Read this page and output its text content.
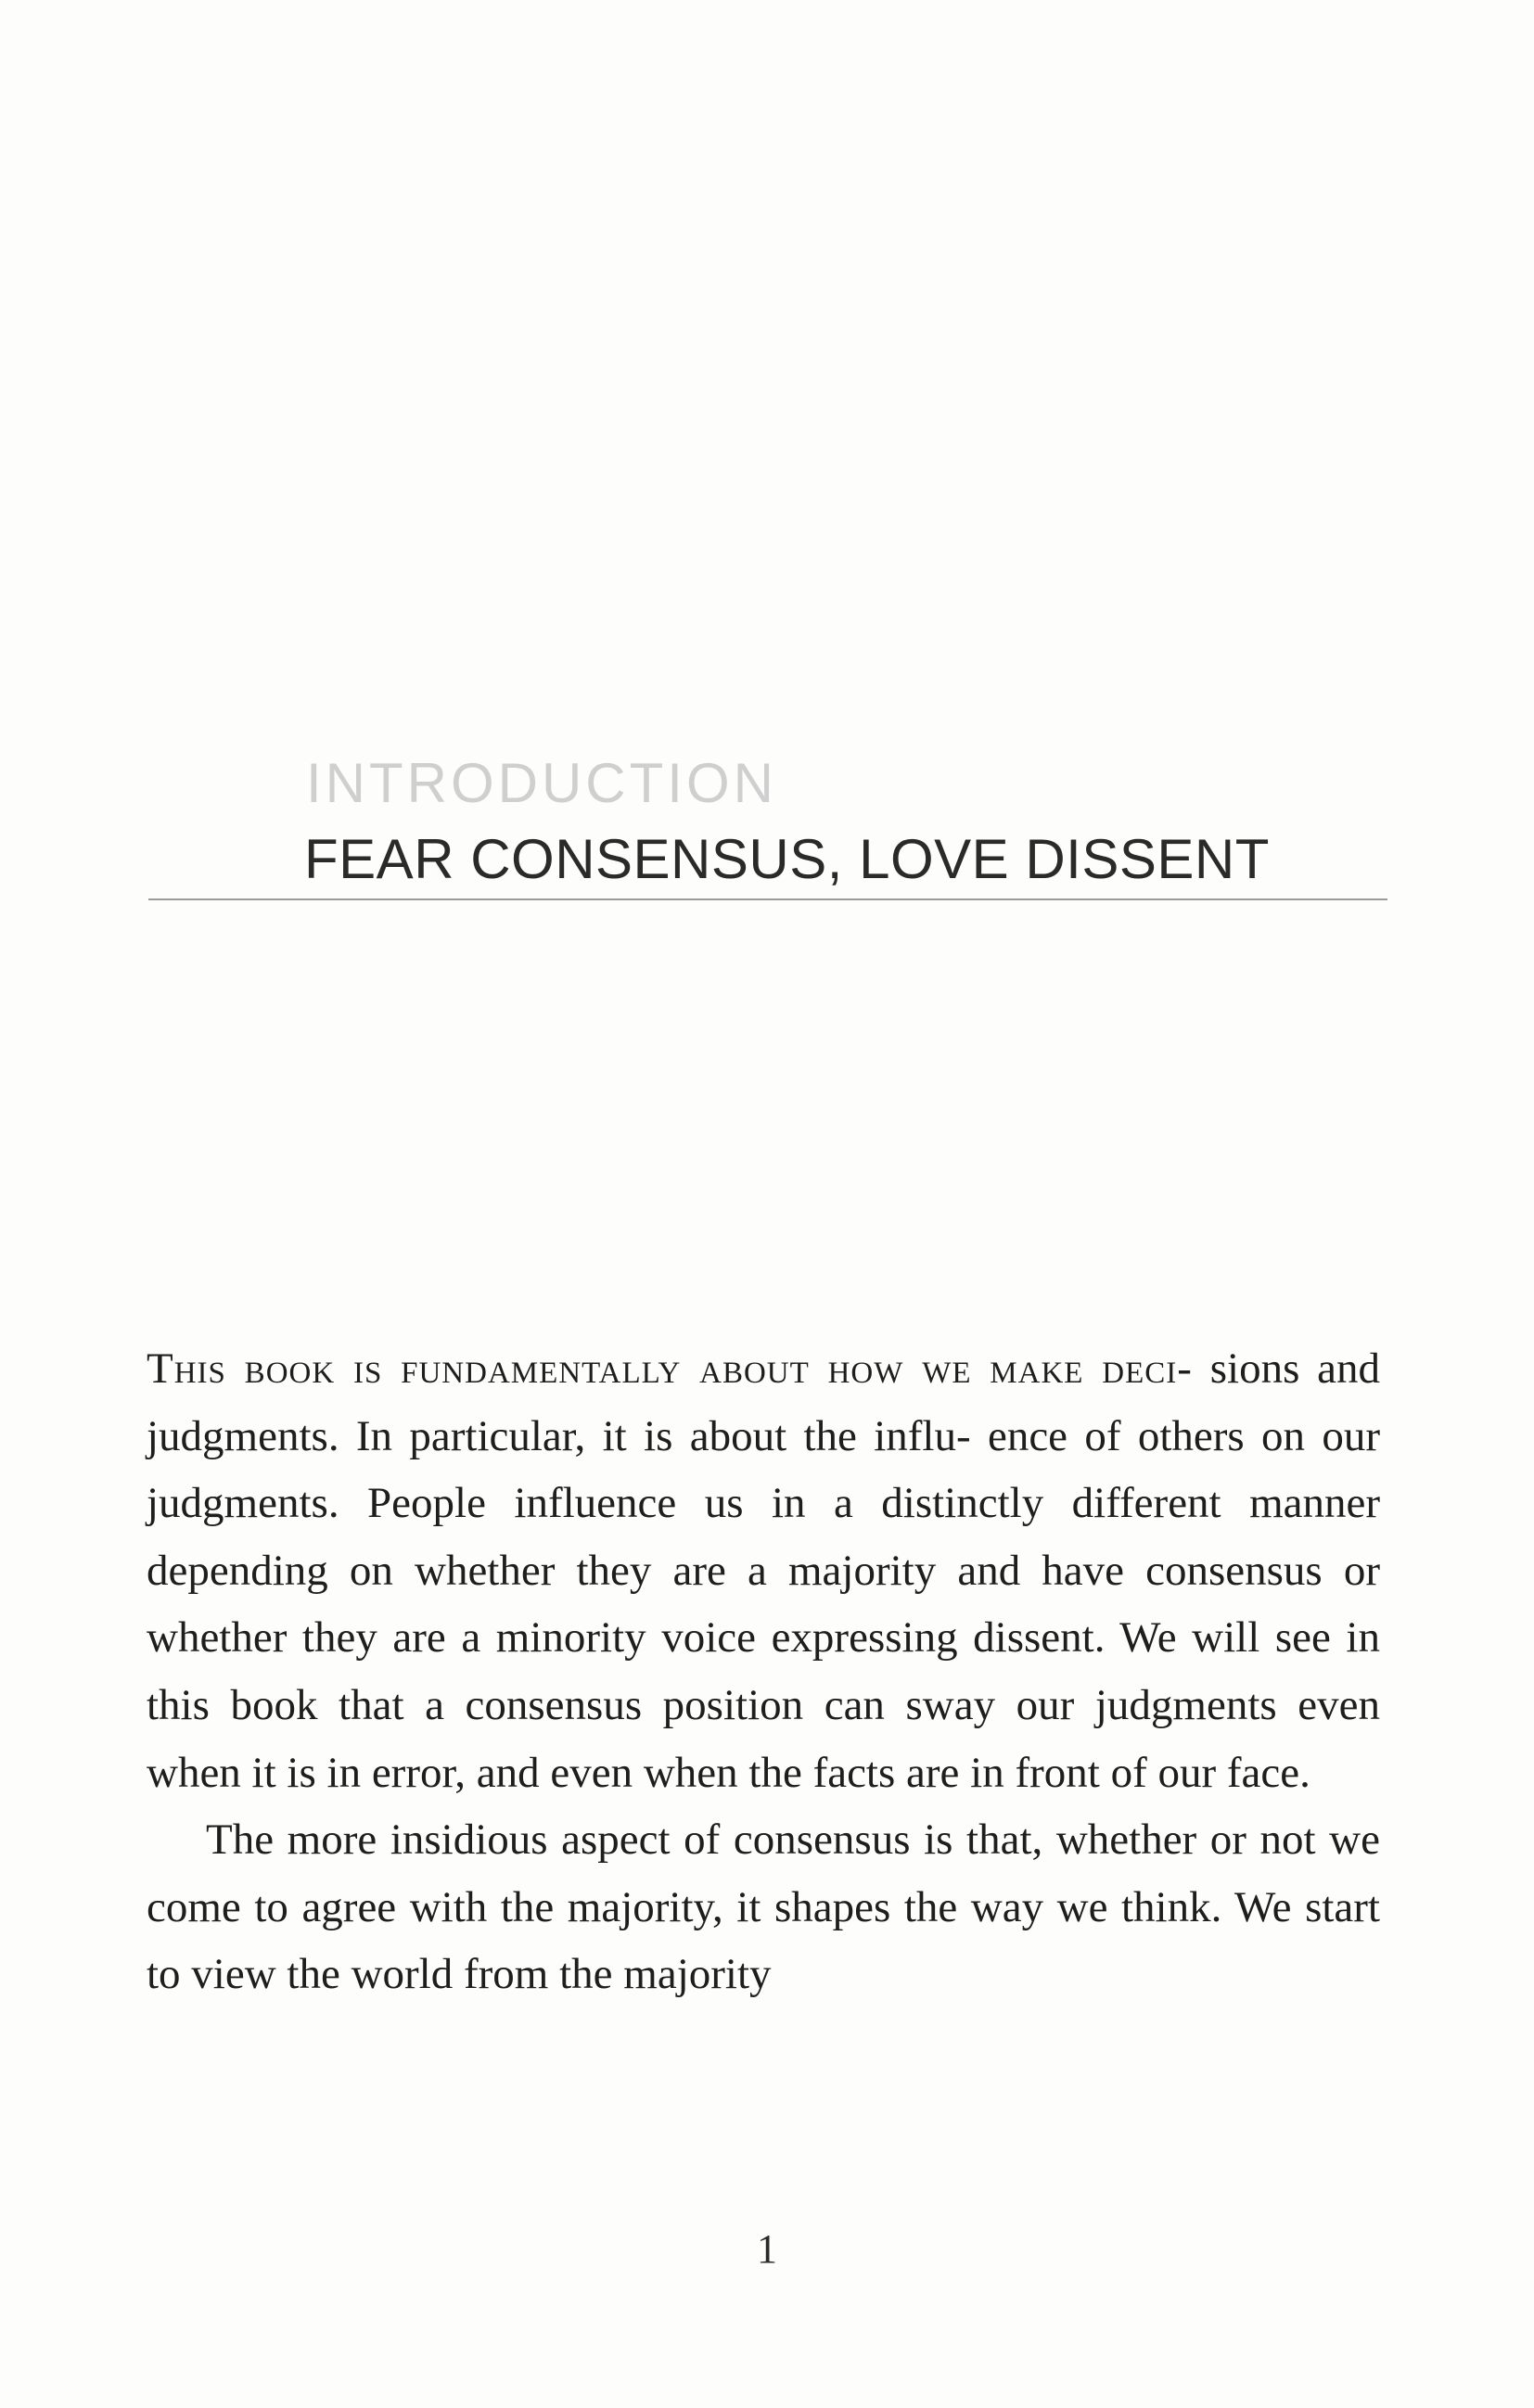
INTRODUCTION
FEAR CONSENSUS, LOVE DISSENT

This book is fundamentally about how we make deci- sions and judgments. In particular, it is about the influ- ence of others on our judgments. People influence us in a distinctly different manner depending on whether they are a majority and have consensus or whether they are a minority voice expressing dissent. We will see in this book that a consensus position can sway our judgments even when it is in error, and even when the facts are in front of our face.

The more insidious aspect of consensus is that, whether or not we come to agree with the majority, it shapes the way we think. We start to view the world from the majority

1
